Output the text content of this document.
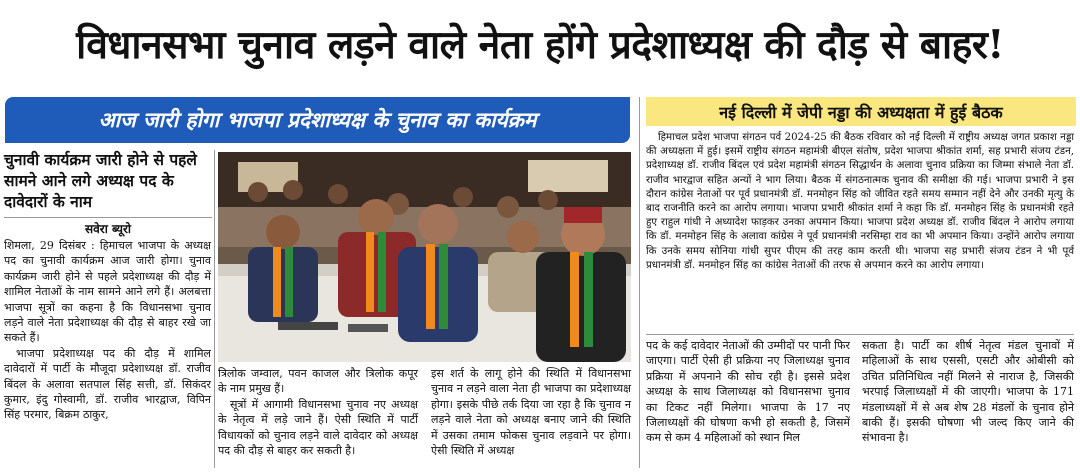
विधानसभा चुनाव लड़ने वाले नेता होंगे प्रदेशाध्यक्ष की दौड़ से बाहर!
आज जारी होगा भाजपा प्रदेशाध्यक्ष के चुनाव का कार्यक्रम	नई दिल्ली में जेपी नड्डा की अध्यक्षता में हुई बैठक
चुनावी कार्यक्रम जारी होने से पहले सामने आने लगे अध्यक्ष पद के दावेदारों के नाम
सवेरा ब्यूरो

शिमला, 29 दिसंबर : हिमाचल भाजपा के अध्यक्ष पद का चुनावी कार्यक्रम आज जारी होगा। चुनाव कार्यक्रम जारी होने से पहले प्रदेशाध्यक्ष की दौड़ में शामिल नेताओं के नाम सामने आने लगे हैं। अलबत्ता भाजपा सूत्रों का कहना है कि विधानसभा चुनाव लड़ने वाले नेता प्रदेशाध्यक्ष की दौड़ से बाहर रखे जा सकते हैं।

भाजपा प्रदेशाध्यक्ष पद की दौड़ में शामिल दावेदारों में पार्टी के मौजूदा प्रदेशाध्यक्ष डॉ. राजीव बिंदल के अलावा सतपाल सिंह सत्ती, डॉ. सिकंदर कुमार, इंदु गोस्वामी, डॉ. राजीव भारद्वाज, विपिन सिंह परमार, बिक्रम ठाकुर,

त्रिलोक जम्वाल, पवन काजल और त्रिलोक कपूर के नाम प्रमुख हैं।

सूत्रों में आगामी विधानसभा चुनाव नए अध्यक्ष के नेतृत्व में लड़े जाने हैं। ऐसी स्थिति में पार्टी विधायकों को चुनाव लड़ने वाले दावेदार को अध्यक्ष पद की दौड़ से बाहर कर सकती है।

इस शर्त के लागू होने की स्थिति में विधानसभा चुनाव न लड़ने वाला नेता ही भाजपा का प्रदेशाध्यक्ष होगा। इसके पीछे तर्क दिया जा रहा है कि चुनाव न लड़ने वाले नेता को अध्यक्ष बनाए जाने की स्थिति में उसका तमाम फोकस चुनाव लड़वाने पर होगा। ऐसी स्थिति में अध्यक्ष

हिमाचल प्रदेश भाजपा संगठन पर्व 2024-25 की बैठक रविवार को नई दिल्ली में राष्ट्रीय अध्यक्ष जगत प्रकाश नड्डा की अध्यक्षता में हुई। इसमें राष्ट्रीय संगठन महामंत्री बीएल संतोष, प्रदेश भाजपा श्रीकांत शर्मा, सह प्रभारी संजय टंडन, प्रदेशाध्यक्ष डॉ. राजीव बिंदल एवं प्रदेश महामंत्री संगठन सिद्धार्थन के अलावा चुनाव प्रक्रिया का जिम्मा संभाले नेता डॉ. राजीव भारद्वाज सहित अन्यों ने भाग लिया। बैठक में संगठनात्मक चुनाव की समीक्षा की गई। भाजपा प्रभारी ने इस दौरान कांग्रेस नेताओं पर पूर्व प्रधानमंत्री डॉ. मनमोहन सिंह को जीवित रहते समय सम्मान नहीं देने और उनकी मृत्यु के बाद राजनीति करने का आरोप लगाया। भाजपा प्रभारी श्रीकांत शर्मा ने कहा कि डॉ. मनमोहन सिंह के प्रधानमंत्री रहते हुए राहुल गांधी ने अध्यादेश फाड़कर उनका अपमान किया। भाजपा प्रदेश अध्यक्ष डॉ. राजीव बिंदल ने आरोप लगाया कि डॉ. मनमोहन सिंह के अलावा कांग्रेस ने पूर्व प्रधानमंत्री नरसिम्हा राव का भी अपमान किया। उन्होंने आरोप लगाया कि उनके समय सोनिया गांधी सुपर पीएम की तरह काम करती थी। भाजपा सह प्रभारी संजय टंडन ने भी पूर्व प्रधानमंत्री डॉ. मनमोहन सिंह का कांग्रेस नेताओं की तरफ से अपमान करने का आरोप लगाया।

पद के कई दावेदार नेताओं की उम्मीदों पर पानी फिर जाएगा। पार्टी ऐसी ही प्रक्रिया नए जिलाध्यक्ष चुनाव प्रक्रिया में अपनाने की सोच रही है। इससे प्रदेश अध्यक्ष के साथ जिलाध्यक्ष को विधानसभा चुनाव का टिकट नहीं मिलेगा। भाजपा के 17 नए जिलाध्यक्षों की घोषणा कभी हो सकती है, जिसमें कम से कम 4 महिलाओं को स्थान मिल

सकता है। पार्टी का शीर्ष नेतृत्व मंडल चुनावों में महिलाओं के साथ एससी, एसटी और ओबीसी को उचित प्रतिनिधित्व नहीं मिलने से नाराज है, जिसकी भरपाई जिलाध्यक्षों में की जाएगी। भाजपा के 171 मंडलाध्यक्षों में से अब शेष 28 मंडलों के चुनाव होने बाकी हैं। इसकी घोषणा भी जल्द किए जाने की संभावना है।
